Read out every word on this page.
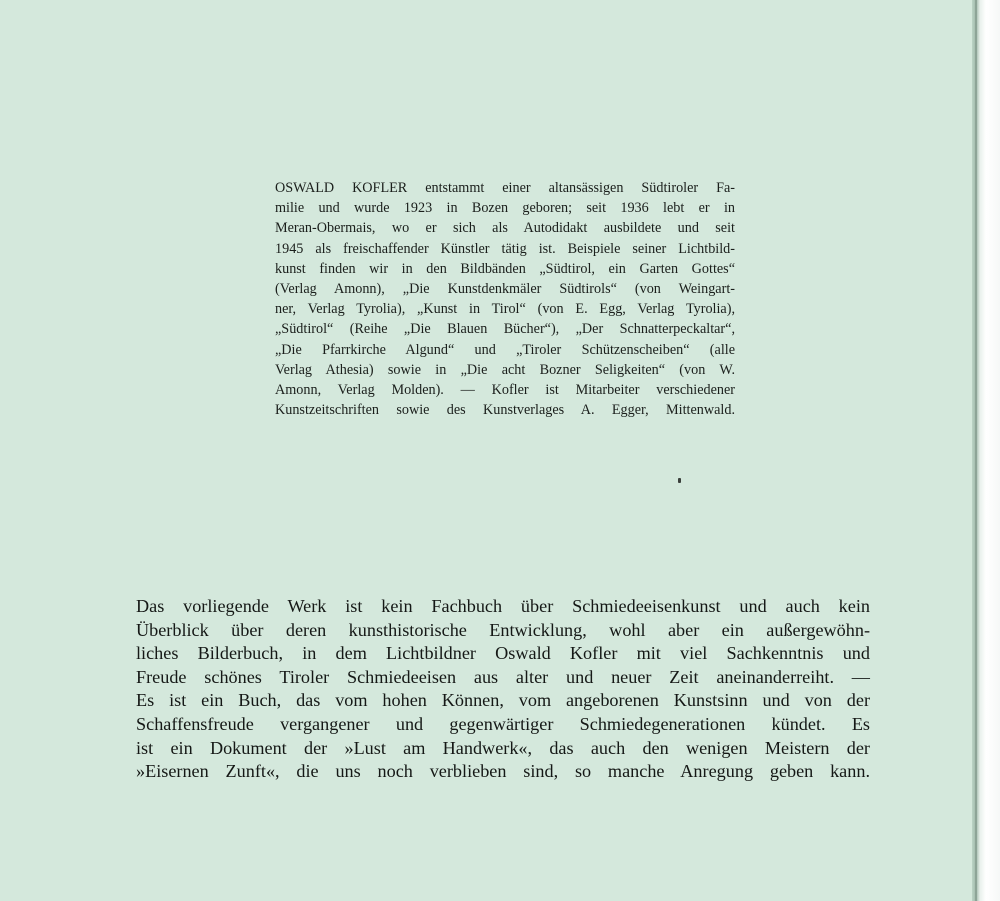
OSWALD KOFLER entstammt einer altansässigen Südtiroler Fa-
milie und wurde 1923 in Bozen geboren; seit 1936 lebt er in
Meran-Obermais, wo er sich als Autodidakt ausbildete und seit
1945 als freischaffender Künstler tätig ist. Beispiele seiner Lichtbild-
kunst finden wir in den Bildbänden „Südtirol, ein Garten Gottes“
(Verlag Amonn), „Die Kunstdenkmäler Südtirols“ (von Weingart-
ner, Verlag Tyrolia), „Kunst in Tirol“ (von E. Egg, Verlag Tyrolia),
„Südtirol“ (Reihe „Die Blauen Bücher“), „Der Schnatterpeckaltar“,
„Die Pfarrkirche Algund“ und „Tiroler Schützenscheiben“ (alle
Verlag Athesia) sowie in „Die acht Bozner Seligkeiten“ (von W.
Amonn, Verlag Molden). — Kofler ist Mitarbeiter verschiedener
Kunstzeitschriften sowie des Kunstverlages A. Egger, Mittenwald.
Das vorliegende Werk ist kein Fachbuch über Schmiedeeisenkunst und auch kein
Überblick über deren kunsthistorische Entwicklung, wohl aber ein außergewöhn-
liches Bilderbuch, in dem Lichtbildner Oswald Kofler mit viel Sachkenntnis und
Freude schönes Tiroler Schmiedeeisen aus alter und neuer Zeit aneinanderreiht. —
Es ist ein Buch, das vom hohen Können, vom angeborenen Kunstsinn und von der
Schaffensfreude vergangener und gegenwärtiger Schmiedegenerationen kündet. Es
ist ein Dokument der »Lust am Handwerk«, das auch den wenigen Meistern der
»Eisernen Zunft«, die uns noch verblieben sind, so manche Anregung geben kann.
